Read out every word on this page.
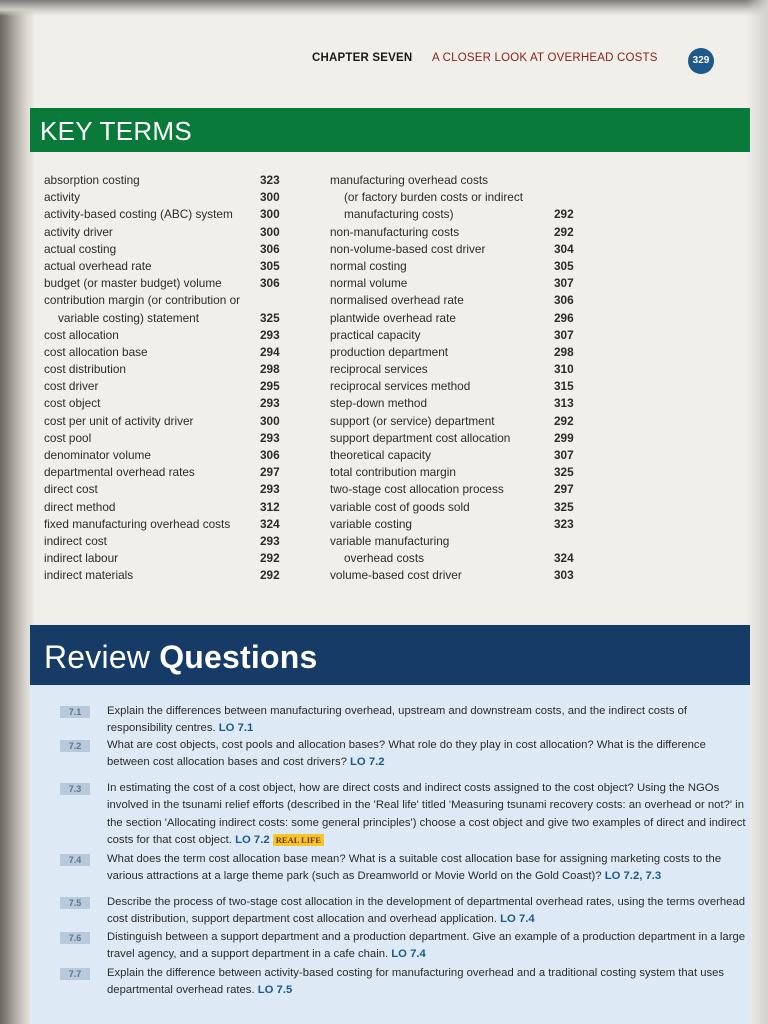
CHAPTER SEVEN A CLOSER LOOK AT OVERHEAD COSTS	329
KEY TERMS
absorption costing	323
activity	300
activity-based costing (ABC) system 300
activity driver	300
actual costing	306
actual overhead rate	305
budget (or master budget) volume	306
contribution margin (or contribution or
variable costing) statement	325
cost allocation	293
cost allocation base	294
cost distribution	298
cost driver	295
cost object	293
cost per unit of activity driver	300
cost pool	293
denominator volume	306
departmental overhead rates	297
direct cost	293
direct method	312
fixed manufacturing overhead costs	324
indirect cost	293
indirect labour	292
indirect materials	292
manufacturing overhead costs
(or factory burden costs or indirect
manufacturing costs)	292
non-manufacturing costs	292
non-volume-based cost driver	304
normal costing	305
normal volume	307
normalised overhead rate	306
plantwide overhead rate	296
practical capacity	307
production department	298
reciprocal services	310
reciprocal services method	315
step-down method	313
support (or service) department	292
support department cost allocation	299
theoretical capacity	307
total contribution margin	325
two-stage cost allocation process	297
variable cost of goods sold	325
variable costing	323
variable manufacturing
overhead costs	324
volume-based cost driver	303
Review Questions
7.1	Explain the differences between manufacturing overhead, upstream and downstream costs, and the indirect costs of responsibility centres. LO 7.1
7.2	What are cost objects, cost pools and allocation bases? What role do they play in cost allocation? What is the difference between cost allocation bases and cost drivers? LO 7.2
7.3	In estimating the cost of a cost object, how are direct costs and indirect costs assigned to the cost object? Using the NGOs involved in the tsunami relief efforts (described in the 'Real life' titled 'Measuring tsunami recovery costs: an overhead or not?' in the section 'Allocating indirect costs: some general principles') choose a cost object and give two examples of direct and indirect costs for that cost object. LO 7.2 REAL LIFE
7.4	What does the term cost allocation base mean? What is a suitable cost allocation base for assigning marketing costs to the various attractions at a large theme park (such as Dreamworld or Movie World on the Gold Coast)? LO 7.2, 7.3
7.5	Describe the process of two-stage cost allocation in the development of departmental overhead rates, using the terms overhead cost distribution, support department cost allocation and overhead application. LO 7.4
7.6	Distinguish between a support department and a production department. Give an example of a production department in a large travel agency, and a support department in a cafe chain. LO 7.4
7.7	Explain the difference between activity-based costing for manufacturing overhead and a traditional costing system that uses departmental overhead rates. LO 7.5
